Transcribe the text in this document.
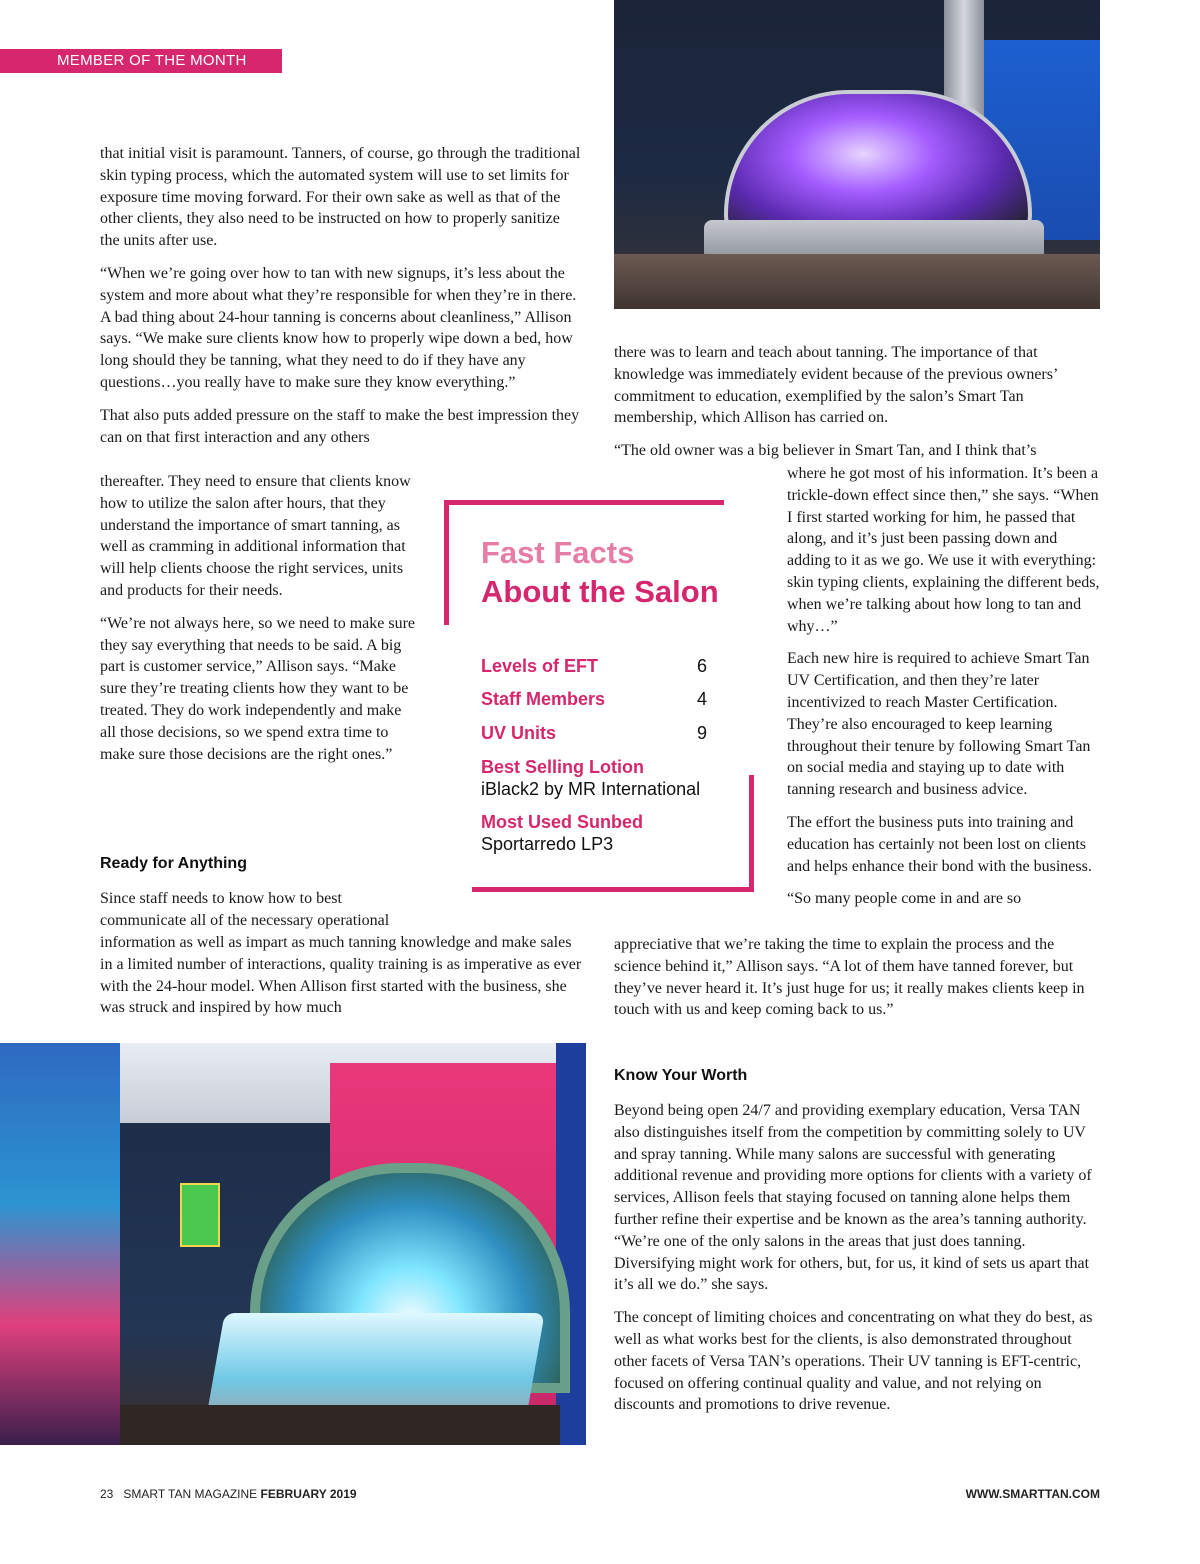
MEMBER OF THE MONTH

that initial visit is paramount. Tanners, of course, go through the traditional skin typing process, which the automated system will use to set limits for exposure time moving forward. For their own sake as well as that of the other clients, they also need to be instructed on how to properly sanitize the units after use.

“When we’re going over how to tan with new signups, it’s less about the system and more about what they’re responsible for when they’re in there. A bad thing about 24-hour tanning is concerns about cleanliness,” Allison says. “We make sure clients know how to properly wipe down a bed, how long should they be tanning, what they need to do if they have any questions…you really have to make sure they know everything.”

That also puts added pressure on the staff to make the best impression they can on that first interaction and any others

thereafter. They need to ensure that clients know how to utilize the salon after hours, that they understand the importance of smart tanning, as well as cramming in additional information that will help clients choose the right services, units and products for their needs.

“We’re not always here, so we need to make sure they say everything that needs to be said. A big part is customer service,” Allison says. “Make sure they’re treating clients how they want to be treated. They do work independently and make all those decisions, so we spend extra time to make sure those decisions are the right ones.”

Ready for Anything
Since staff needs to know how to best communicate all of the necessary operational
information as well as impart as much tanning knowledge and make sales in a limited number of interactions, quality training is as imperative as ever with the 24-hour model. When Allison first started with the business, she was struck and inspired by how much

there was to learn and teach about tanning. The importance of that knowledge was immediately evident because of the previous owners’ commitment to education, exemplified by the salon’s Smart Tan membership, which Allison has carried on.

“The old owner was a big believer in Smart Tan, and I think that’s

where he got most of his information. It’s been a trickle-down effect since then,” she says. “When I first started working for him, he passed that along, and it’s just been passing down and adding to it as we go. We use it with everything: skin typing clients, explaining the different beds, when we’re talking about how long to tan and why…”

Each new hire is required to achieve Smart Tan UV Certification, and then they’re later incentivized to reach Master Certification. They’re also encouraged to keep learning throughout their tenure by following Smart Tan on social media and staying up to date with tanning research and business advice.

The effort the business puts into training and education has certainly not been lost on clients and helps enhance their bond with the business.

“So many people come in and are so

appreciative that we’re taking the time to explain the process and the science behind it,” Allison says. “A lot of them have tanned forever, but they’ve never heard it. It’s just huge for us; it really makes clients keep in touch with us and keep coming back to us.”
Know Your Worth

Beyond being open 24/7 and providing exemplary education, Versa TAN also distinguishes itself from the competition by committing solely to UV and spray tanning. While many salons are successful with generating additional revenue and providing more options for clients with a variety of services, Allison feels that staying focused on tanning alone helps them further refine their expertise and be known as the area’s tanning authority. “We’re one of the only salons in the areas that just does tanning. Diversifying might work for others, but, for us, it kind of sets us apart that it’s all we do.” she says.

The concept of limiting choices and concentrating on what they do best, as well as what works best for the clients, is also demonstrated throughout other facets of Versa TAN’s operations. Their UV tanning is EFT-centric, focused on offering continual quality and value, and not relying on discounts and promotions to drive revenue.

Fast Facts
About the Salon
Levels of EFT	6
Staff Members	4
UV Units	9
Best Selling Lotion
iBlack2 by MR International
Most Used Sunbed
Sportarredo LP3
23 SMART TAN MAGAZINE FEBRUARY 2019	WWW.SMARTTAN.COM
